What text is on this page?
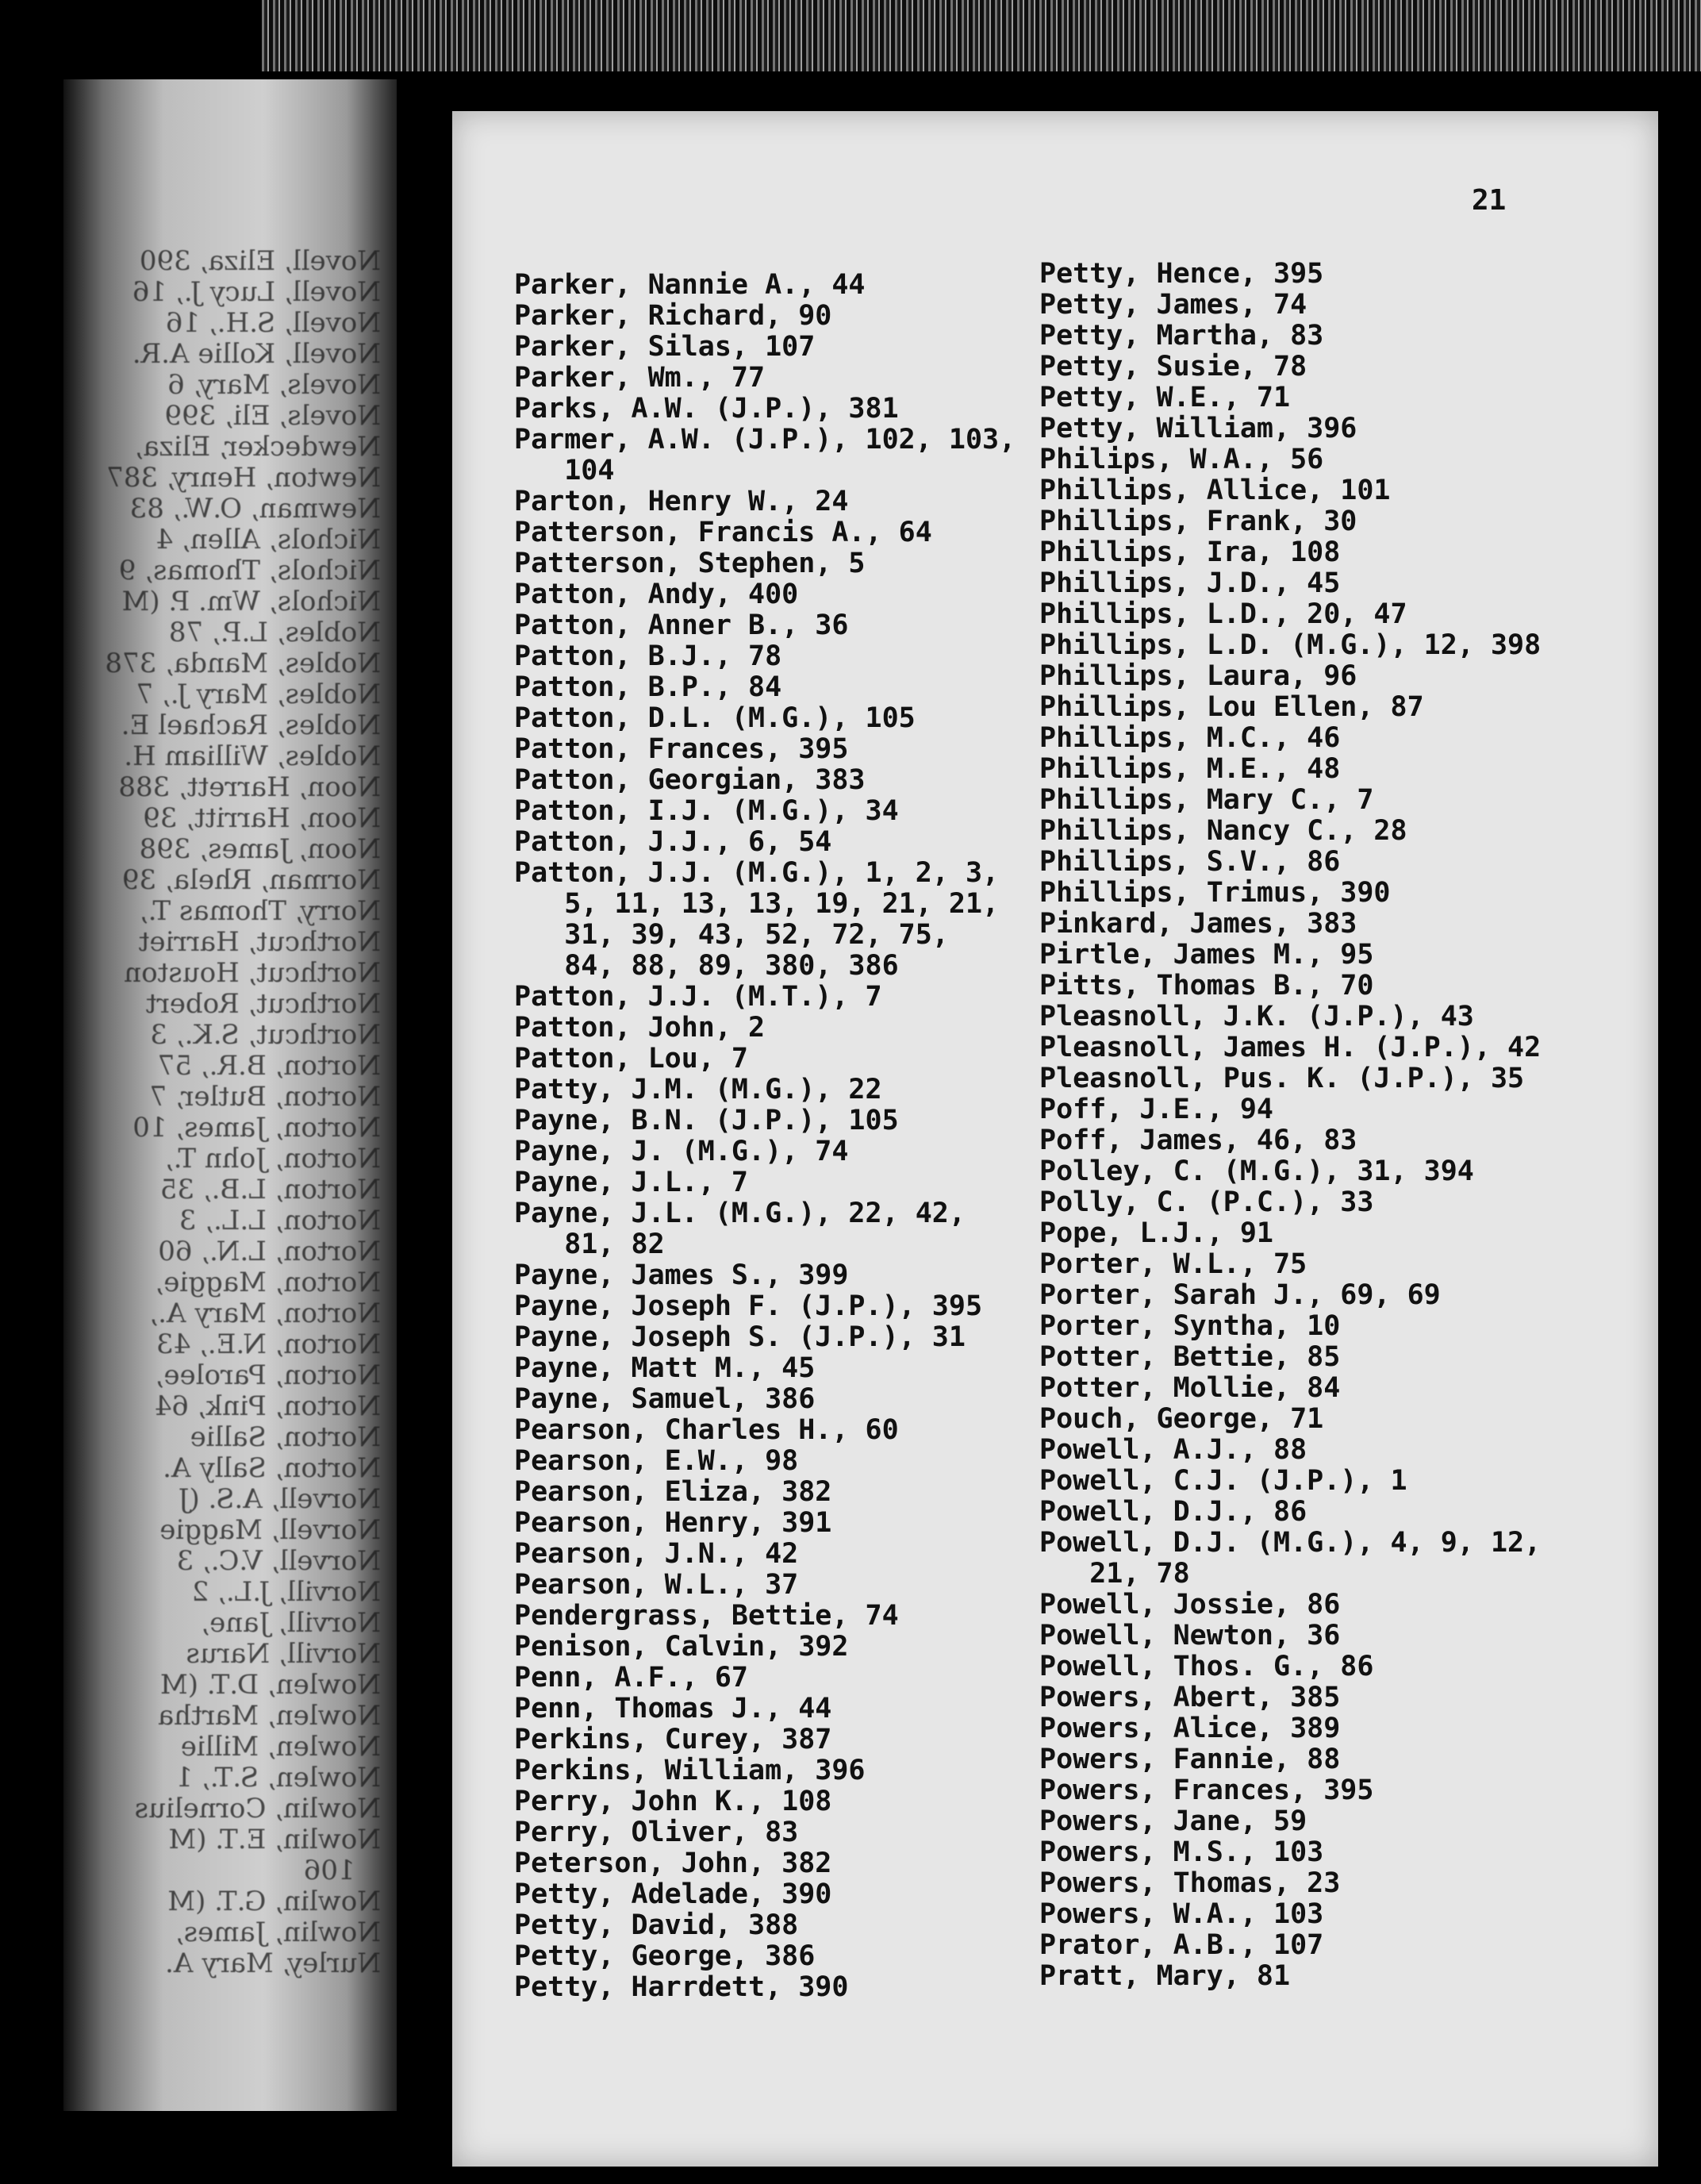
Novell, Eliza, 390
Novell, Lucy J., 16
Novell, S.H., 16
Novell, Kollie A.R.
Novels, Mary, 6
Novels, Eli, 399
Newdecker, Eliza,
Newton, Henry, 387
Newman, O.W., 83
Nichols, Allen, 4
Nichols, Thomas, 9
Nichols, Wm. P. (M
Nobles, L.P., 78
Nobles, Manda, 378
Nobles, Mary J., 7
Nobles, Rachael E.
Nobles, William H.
Noon, Harrett, 388
Noon, Harritt, 39
Noon, James, 398
Norman, Rhela, 39
Norry, Thomas T.,
Northcut, Harriet
Northcut, Houston
Northcut, Robert
Northcut, S.K., 3
Norton, B.R., 57
Norton, Butler, 7
Norton, James, 10
Norton, John T.,
Norton, L.B., 35
Norton, L.L., 3
Norton, L.N., 60
Norton, Maggie,
Norton, Mary A.,
Norton, N.E., 43
Norton, Parolee,
Norton, Pink, 64
Norton, Sallie
Norton, Sally A.
Norvell, A.S. (J
Norvell, Maggie
Norvell, V.C., 3
Norvill, J.L., 2
Norvill, Jane,
Norvill, Narus
Nowlen, D.T. (M
Nowlen, Martha
Nowlen, Millie
Nowlen, S.T., 1
Nowlin, Cornelius
Nowlin, E.T. (M
106
Nowlin, G.T. (M
Nowlin, James,
Nurley, Mary A.
21
Parker, Nannie A., 44
Parker, Richard, 90
Parker, Silas, 107
Parker, Wm., 77
Parks, A.W. (J.P.), 381
Parmer, A.W. (J.P.), 102, 103,
104
Parton, Henry W., 24
Patterson, Francis A., 64
Patterson, Stephen, 5
Patton, Andy, 400
Patton, Anner B., 36
Patton, B.J., 78
Patton, B.P., 84
Patton, D.L. (M.G.), 105
Patton, Frances, 395
Patton, Georgian, 383
Patton, I.J. (M.G.), 34
Patton, J.J., 6, 54
Patton, J.J. (M.G.), 1, 2, 3,
5, 11, 13, 13, 19, 21, 21,
31, 39, 43, 52, 72, 75,
84, 88, 89, 380, 386
Patton, J.J. (M.T.), 7
Patton, John, 2
Patton, Lou, 7
Patty, J.M. (M.G.), 22
Payne, B.N. (J.P.), 105
Payne, J. (M.G.), 74
Payne, J.L., 7
Payne, J.L. (M.G.), 22, 42,
81, 82
Payne, James S., 399
Payne, Joseph F. (J.P.), 395
Payne, Joseph S. (J.P.), 31
Payne, Matt M., 45
Payne, Samuel, 386
Pearson, Charles H., 60
Pearson, E.W., 98
Pearson, Eliza, 382
Pearson, Henry, 391
Pearson, J.N., 42
Pearson, W.L., 37
Pendergrass, Bettie, 74
Penison, Calvin, 392
Penn, A.F., 67
Penn, Thomas J., 44
Perkins, Curey, 387
Perkins, William, 396
Perry, John K., 108
Perry, Oliver, 83
Peterson, John, 382
Petty, Adelade, 390
Petty, David, 388
Petty, George, 386
Petty, Harrdett, 390
Petty, Hence, 395
Petty, James, 74
Petty, Martha, 83
Petty, Susie, 78
Petty, W.E., 71
Petty, William, 396
Philips, W.A., 56
Phillips, Allice, 101
Phillips, Frank, 30
Phillips, Ira, 108
Phillips, J.D., 45
Phillips, L.D., 20, 47
Phillips, L.D. (M.G.), 12, 398
Phillips, Laura, 96
Phillips, Lou Ellen, 87
Phillips, M.C., 46
Phillips, M.E., 48
Phillips, Mary C., 7
Phillips, Nancy C., 28
Phillips, S.V., 86
Phillips, Trimus, 390
Pinkard, James, 383
Pirtle, James M., 95
Pitts, Thomas B., 70
Pleasnoll, J.K. (J.P.), 43
Pleasnoll, James H. (J.P.), 42
Pleasnoll, Pus. K. (J.P.), 35
Poff, J.E., 94
Poff, James, 46, 83
Polley, C. (M.G.), 31, 394
Polly, C. (P.C.), 33
Pope, L.J., 91
Porter, W.L., 75
Porter, Sarah J., 69, 69
Porter, Syntha, 10
Potter, Bettie, 85
Potter, Mollie, 84
Pouch, George, 71
Powell, A.J., 88
Powell, C.J. (J.P.), 1
Powell, D.J., 86
Powell, D.J. (M.G.), 4, 9, 12,
21, 78
Powell, Jossie, 86
Powell, Newton, 36
Powell, Thos. G., 86
Powers, Abert, 385
Powers, Alice, 389
Powers, Fannie, 88
Powers, Frances, 395
Powers, Jane, 59
Powers, M.S., 103
Powers, Thomas, 23
Powers, W.A., 103
Prator, A.B., 107
Pratt, Mary, 81
